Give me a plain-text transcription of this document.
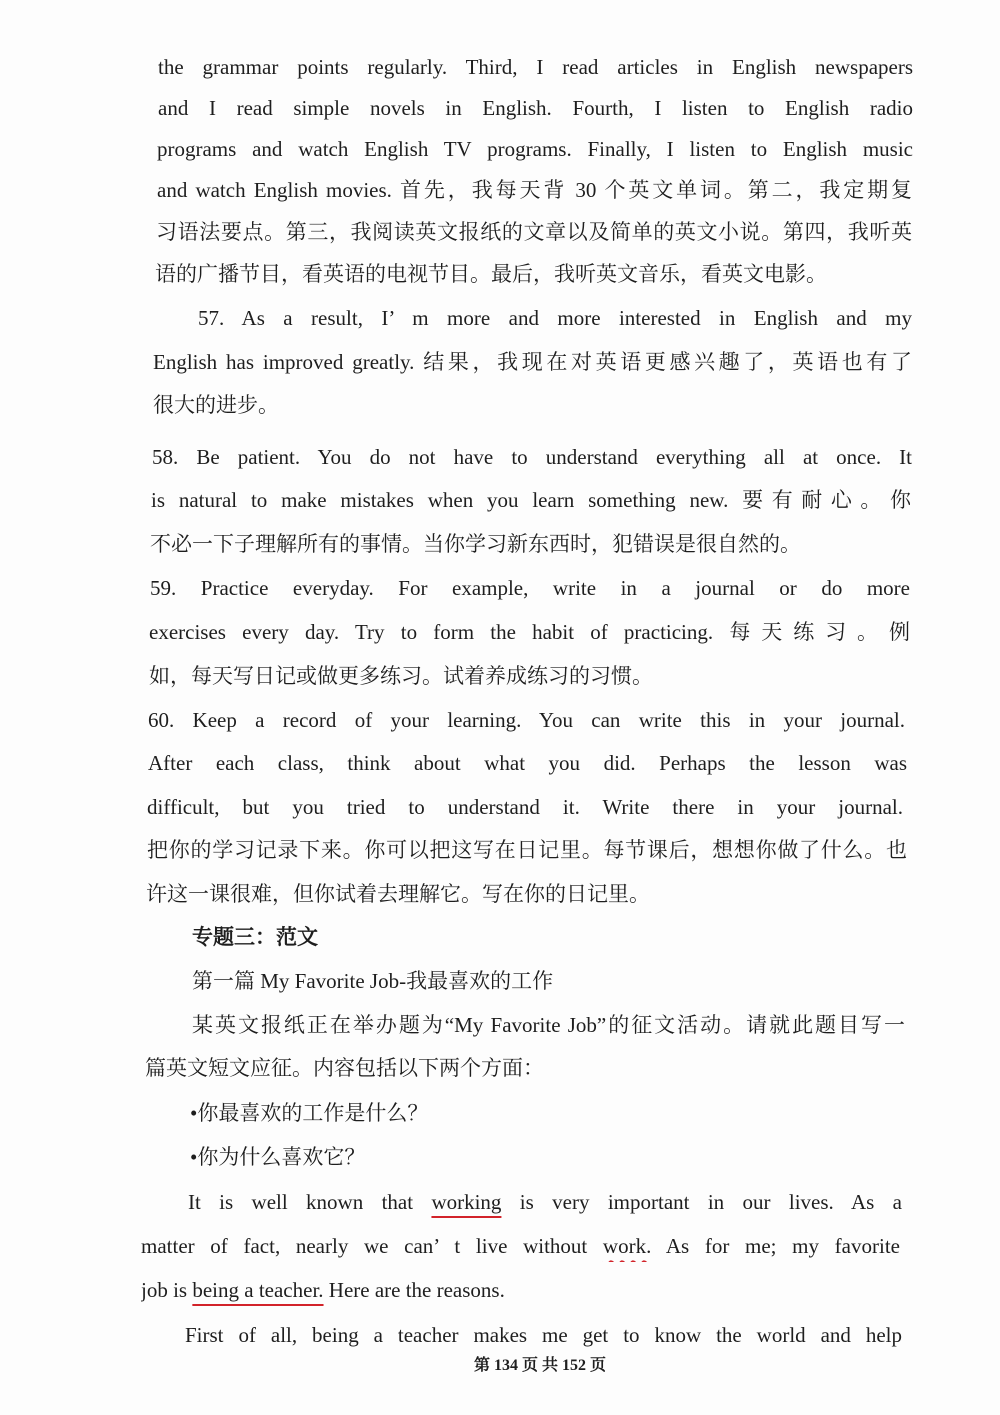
the grammar points regularly. Third, I read articles in English newspapers
and I read simple novels in English. Fourth, I listen to English radio
programs and watch English TV programs. Finally, I listen to English music
and watch English movies. 首先，我每天背 30 个英文单词。第二，我定期复
习语法要点。第三，我阅读英文报纸的文章以及简单的英文小说。第四，我听英
语的广播节目，看英语的电视节目。最后，我听英文音乐，看英文电影。
57. As a result, I’ m more and more interested in English and my
English has improved greatly. 结果，我现在对英语更感兴趣了，英语也有了
很大的进步。
58. Be patient. You do not have to understand everything all at once. It
is natural to make mistakes when you learn something new. 要有耐心。你
不必一下子理解所有的事情。当你学习新东西时，犯错误是很自然的。
59. Practice everyday. For example, write in a journal or do more
exercises every day. Try to form the habit of practicing. 每天练习。例
如，每天写日记或做更多练习。试着养成练习的习惯。
60. Keep a record of your learning. You can write this in your journal.
After each class, think about what you did. Perhaps the lesson was
difficult, but you tried to understand it. Write there in your journal.
把你的学习记录下来。你可以把这写在日记里。每节课后，想想你做了什么。也
许这一课很难，但你试着去理解它。写在你的日记里。
专题三：范文
第一篇 My Favorite Job-我最喜欢的工作
某英文报纸正在举办题为“My Favorite Job”的征文活动。请就此题目写一
篇英文短文应征。内容包括以下两个方面：
•你最喜欢的工作是什么？
•你为什么喜欢它？
It is well known that working is very important in our lives. As a
matter of fact, nearly we can’ t live without work. As for me; my favorite
job is being a teacher. Here are the reasons.
First of all, being a teacher makes me get to know the world and help
第 134 页 共 152 页
